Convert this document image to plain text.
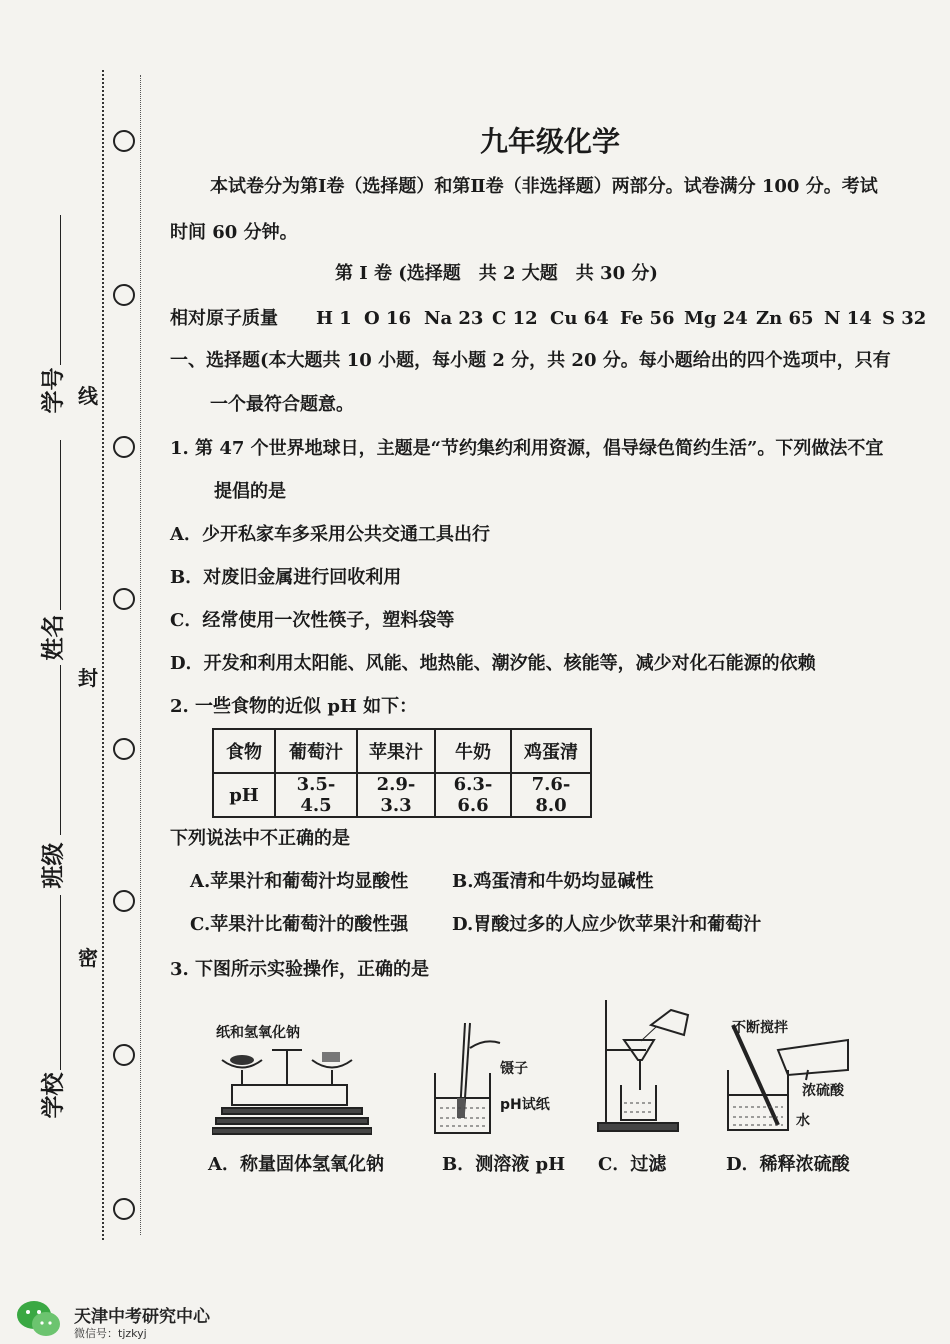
线
封
密
学号
姓名
班级
学校
九年级化学
本试卷分为第Ⅰ卷（选择题）和第Ⅱ卷（非选择题）两部分。试卷满分 100 分。考试
时间 60 分钟。
第 Ⅰ 卷 (选择题　共 2 大题　共 30 分)
相对原子质量 H 1 O 16 Na 23 C 12 Cu 64 Fe 56 Mg 24 Zn 65 N 14 S 32
一、选择题(本大题共 10 小题，每小题 2 分，共 20 分。每小题给出的四个选项中，只有
一个最符合题意。
1. 第 47 个世界地球日，主题是“节约集约利用资源，倡导绿色简约生活”。下列做法不宜
提倡的是
A．少开私家车多采用公共交通工具出行
B．对废旧金属进行回收利用
C．经常使用一次性筷子，塑料袋等
D．开发和利用太阳能、风能、地热能、潮汐能、核能等，减少对化石能源的依赖
2. 一些食物的近似 pH 如下：
食物	葡萄汁	苹果汁	牛奶	鸡蛋清
pH	3.5-4.5	2.9-3.3	6.3-6.6	7.6-8.0
下列说法中不正确的是
A.苹果汁和葡萄汁均显酸性 B.鸡蛋清和牛奶均显碱性
C.苹果汁比葡萄汁的酸性强 D.胃酸过多的人应少饮苹果汁和葡萄汁
3. 下图所示实验操作，正确的是
纸和氢氧化钠
A．称量固体氢氧化钠
镊子
pH试纸
B．测溶液 pH C．过滤
不断搅拌
浓硫酸
水
D．稀释浓硫酸
天津中考研究中心
微信号：tjzkyj
